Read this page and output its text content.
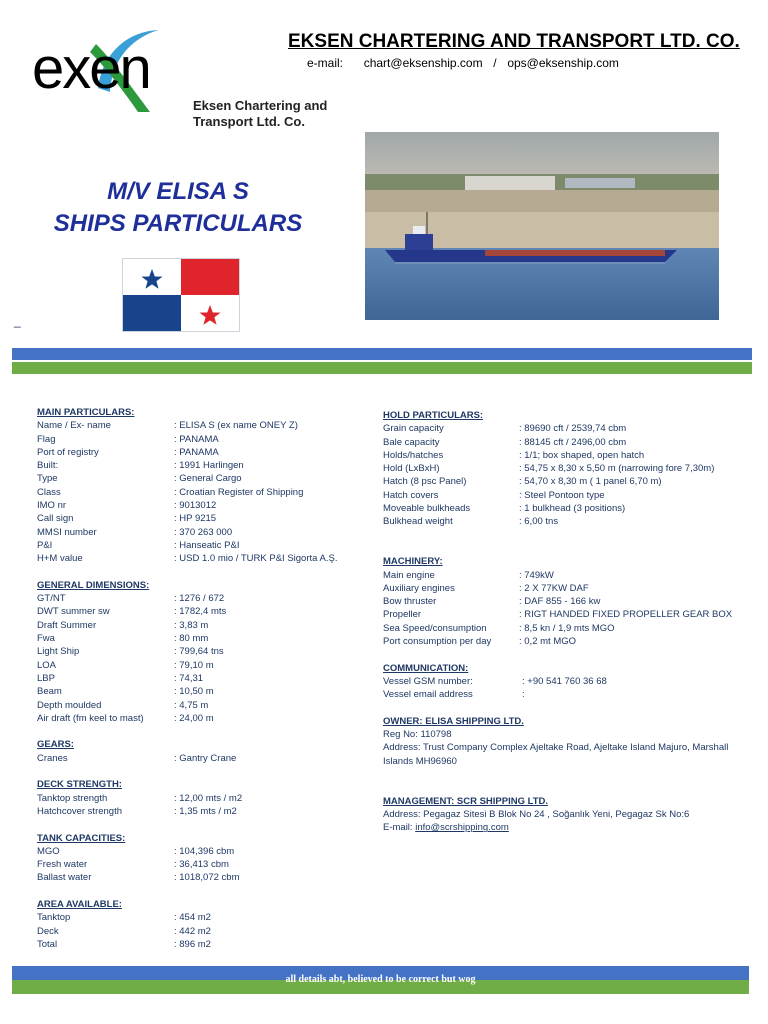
exen
Eksen Chartering and
Transport Ltd. Co.
EKSEN CHARTERING AND TRANSPORT LTD. CO.
e-mail: chart@eksenship.com / ops@eksenship.com
M/V ELISA S
SHIPS PARTICULARS
_
MAIN PARTICULARS:
Name / Ex- name	: ELISA S (ex name ONEY Z)
Flag	: PANAMA
Port of registry	: PANAMA
Built:	: 1991 Harlingen
Type	: General Cargo
Class	: Croatian Register of Shipping
IMO nr	: 9013012
Call sign	: HP 9215
MMSI number	: 370 263 000
P&I	: Hanseatic P&I
H+M value	: USD 1.0 mio / TURK P&I Sigorta A.Ş.
GENERAL DIMENSIONS:
GT/NT	: 1276 / 672
DWT summer sw	: 1782,4 mts
Draft Summer	: 3,83 m
Fwa	: 80 mm
Light Ship	: 799,64 tns
LOA	: 79,10 m
LBP	: 74,31
Beam	: 10,50 m
Depth moulded	: 4,75 m
Air draft (fm keel to mast)	: 24,00 m
GEARS:
Cranes	: Gantry Crane
DECK STRENGTH:
Tanktop strength	: 12,00 mts / m2
Hatchcover strength	: 1,35 mts / m2
TANK CAPACITIES:
MGO	: 104,396 cbm
Fresh water	: 36,413 cbm
Ballast water	: 1018,072 cbm
AREA AVAILABLE:
Tanktop	: 454 m2
Deck	: 442 m2
Total	: 896 m2
HOLD PARTICULARS:
Grain capacity	: 89690 cft / 2539,74 cbm
Bale capacity	: 88145 cft / 2496,00 cbm
Holds/hatches	: 1/1; box shaped, open hatch
Hold (LxBxH)	: 54,75 x 8,30 x 5,50 m (narrowing fore 7,30m)
Hatch (8 psc Panel)	: 54,70 x 8,30 m ( 1 panel 6,70 m)
Hatch covers	: Steel Pontoon type
Moveable bulkheads	: 1 bulkhead (3 positions)
Bulkhead weight	: 6,00 tns
MACHINERY:
Main engine	: 749kW
Auxiliary engines	: 2 X 77KW DAF
Bow thruster	: DAF 855 - 166 kw
Propeller	: RIGT HANDED FIXED PROPELLER GEAR BOX
Sea Speed/consumption	: 8,5 kn / 1,9 mts MGO
Port consumption per day	: 0,2 mt MGO
COMMUNICATION:
Vessel GSM number:	: +90 541 760 36 68
Vessel email address	:
OWNER: ELISA SHIPPING LTD.
Reg No: 110798
Address: Trust Company Complex Ajeltake Road, Ajeltake Island Majuro, Marshall
Islands MH96960
MANAGEMENT: SCR SHIPPING LTD.
Address: Pegagaz Sitesi B Blok No 24 , Soğanlık Yeni, Pegagaz Sk No:6
E-mail: info@scrshipping.com
all details abt, believed to be correct but wog
